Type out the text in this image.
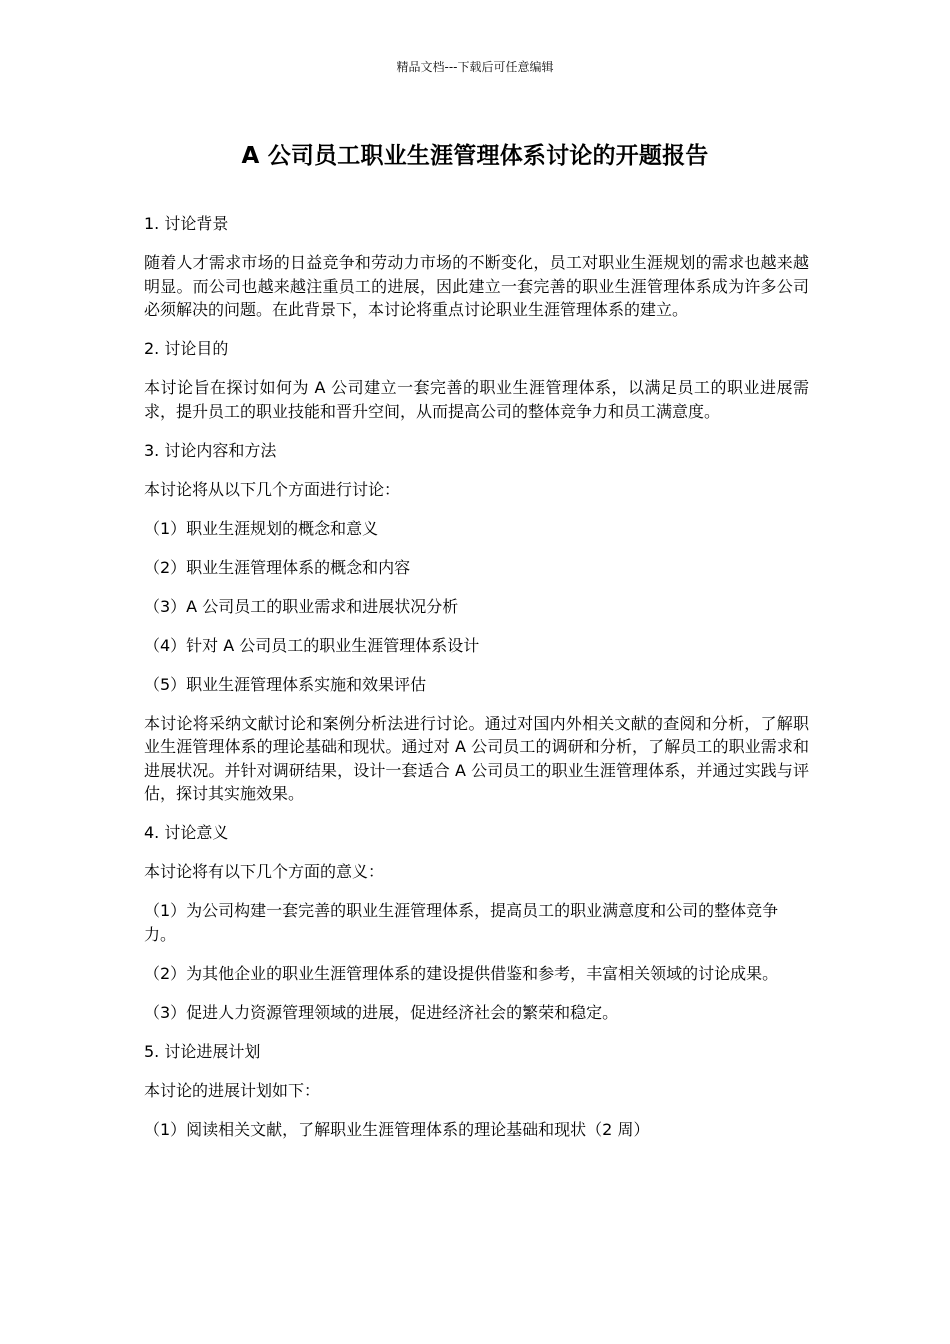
精品文档---下载后可任意编辑
A 公司员工职业生涯管理体系讨论的开题报告
1. 讨论背景
随着人才需求市场的日益竞争和劳动力市场的不断变化，员工对职业生涯规划的需求也越来越明显。而公司也越来越注重员工的进展，因此建立一套完善的职业生涯管理体系成为许多公司必须解决的问题。在此背景下，本讨论将重点讨论职业生涯管理体系的建立。
2. 讨论目的
本讨论旨在探讨如何为 A 公司建立一套完善的职业生涯管理体系，以满足员工的职业进展需求，提升员工的职业技能和晋升空间，从而提高公司的整体竞争力和员工满意度。
3. 讨论内容和方法
本讨论将从以下几个方面进行讨论：
（1）职业生涯规划的概念和意义
（2）职业生涯管理体系的概念和内容
（3）A 公司员工的职业需求和进展状况分析
（4）针对 A 公司员工的职业生涯管理体系设计
（5）职业生涯管理体系实施和效果评估
本讨论将采纳文献讨论和案例分析法进行讨论。通过对国内外相关文献的查阅和分析，了解职业生涯管理体系的理论基础和现状。通过对 A 公司员工的调研和分析，了解员工的职业需求和进展状况。并针对调研结果，设计一套适合 A 公司员工的职业生涯管理体系，并通过实践与评估，探讨其实施效果。
4. 讨论意义
本讨论将有以下几个方面的意义：
（1）为公司构建一套完善的职业生涯管理体系，提高员工的职业满意度和公司的整体竞争力。
（2）为其他企业的职业生涯管理体系的建设提供借鉴和参考，丰富相关领域的讨论成果。
（3）促进人力资源管理领域的进展，促进经济社会的繁荣和稳定。
5. 讨论进展计划
本讨论的进展计划如下：
（1）阅读相关文献，了解职业生涯管理体系的理论基础和现状（2 周）
